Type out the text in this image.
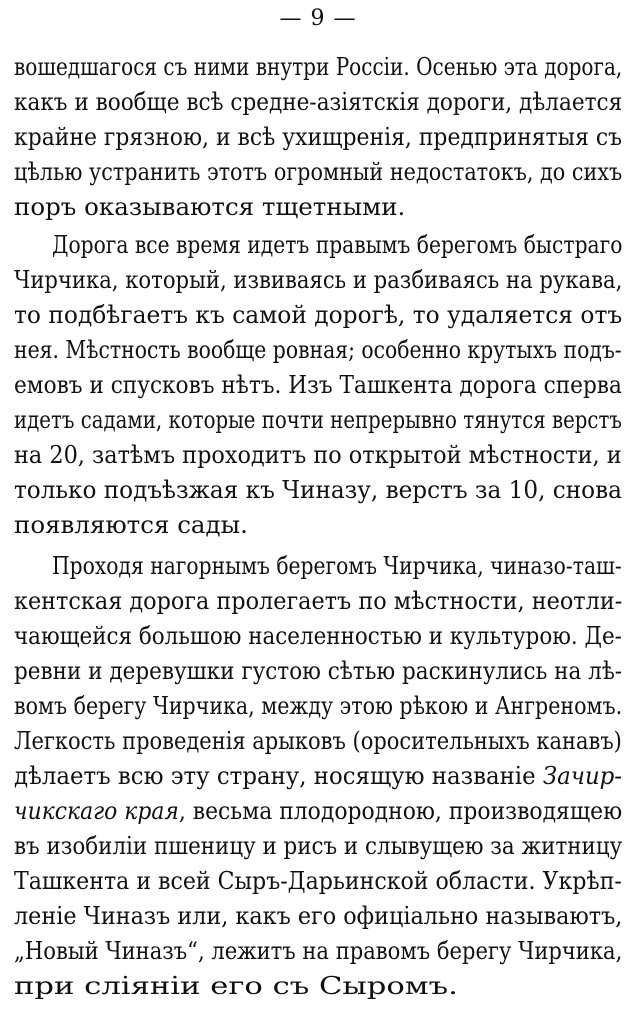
— 9 —
вошедшагося съ ними внутри Россіи. Осенью эта дорога,
какъ и вообще всѣ средне-азіятскія дороги, дѣлается
крайне грязною, и всѣ ухищренія, предпринятыя съ
цѣлью устранить этотъ огромный недостатокъ, до сихъ
поръ оказываются тщетными.
Дорога все время идетъ правымъ берегомъ быстраго
Чирчика, который, извиваясь и разбиваясь на рукава,
то подбѣгаетъ къ самой дорогѣ, то удаляется отъ
нея. Мѣстность вообще ровная; особенно крутыхъ подъ-
емовъ и спусковъ нѣтъ. Изъ Ташкента дорога сперва
идетъ садами, которые почти непрерывно тянутся верстъ
на 20, затѣмъ проходитъ по открытой мѣстности, и
только подъѣзжая къ Чиназу, верстъ за 10, снова
появляются сады.
Проходя нагорнымъ берегомъ Чирчика, чиназо-таш-
кентская дорога пролегаетъ по мѣстности, неотли-
чающейся большою населенностью и культурою. Де-
ревни и деревушки густою сѣтью раскинулись на лѣ-
вомъ берегу Чирчика, между этою рѣкою и Ангреномъ.
Легкость проведенія арыковъ (оросительныхъ канавъ)
дѣлаетъ всю эту страну, носящую названіе Зачир-
чикскаго края, весьма плодородною, производящею
въ изобиліи пшеницу и рисъ и слывущею за житницу
Ташкента и всей Сыръ-Дарьинской области. Укрѣп-
леніе Чиназъ или, какъ его офиціально называютъ,
„Новый Чиназъ“, лежитъ на правомъ берегу Чирчика,
при сліяніи его съ Сыромъ.
